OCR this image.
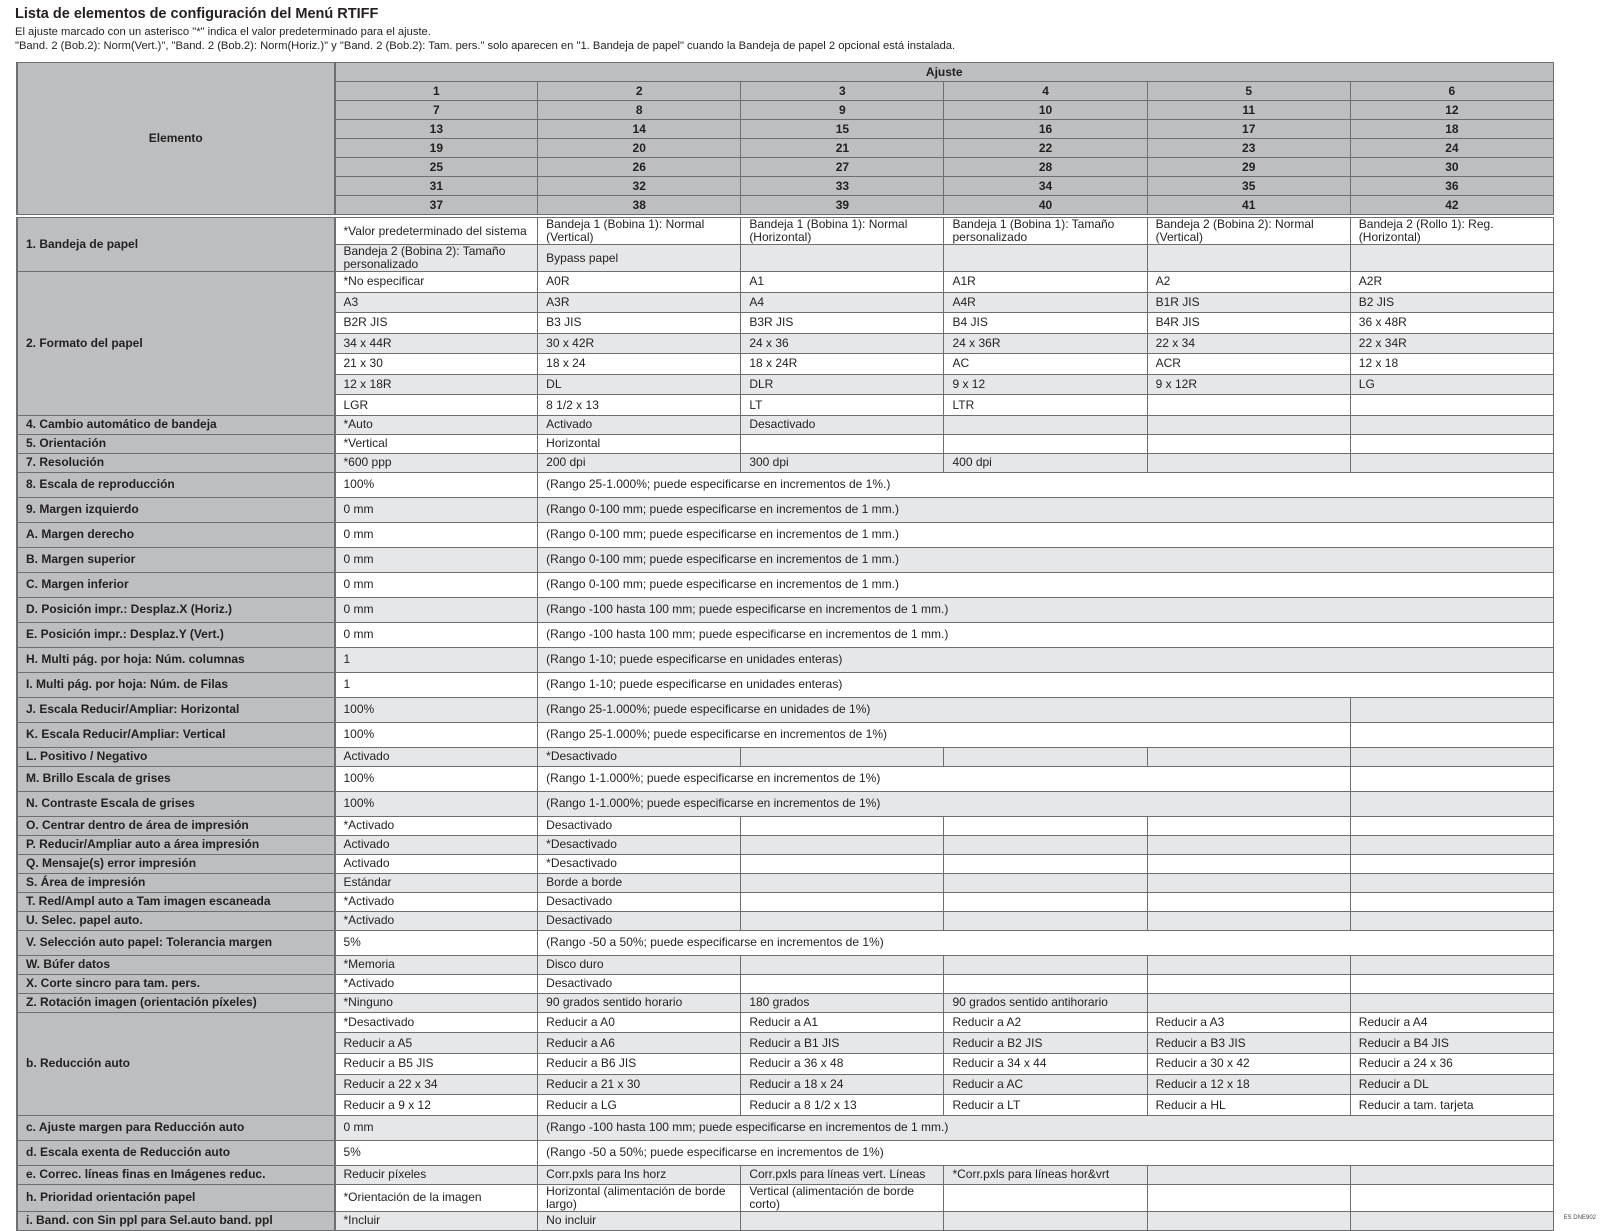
Lista de elementos de configuración del Menú RTIFF
El ajuste marcado con un asterisco "*" indica el valor predeterminado para el ajuste.
"Band. 2 (Bob.2): Norm(Vert.)", "Band. 2 (Bob.2): Norm(Horiz.)" y "Band. 2 (Bob.2): Tam. pers." solo aparecen en "1. Bandeja de papel" cuando la Bandeja de papel 2 opcional está instalada.
Elemento	Ajuste					
	1	2	3	4	5	6
	7	8	9	10	11	12
	13	14	15	16	17	18
	19	20	21	22	23	24
	25	26	27	28	29	30
	31	32	33	34	35	36
	37	38	39	40	41	42

1. Bandeja de papel	*Valor predeterminado del sistema	Bandeja 1 (Bobina 1): Normal (Vertical)	Bandeja 1 (Bobina 1): Normal (Horizontal)	Bandeja 1 (Bobina 1): Tamaño personalizado	Bandeja 2 (Bobina 2): Normal (Vertical)	Bandeja 2 (Rollo 1): Reg. (Horizontal)
	Bandeja 2 (Bobina 2): Tamaño personalizado	Bypass papel				
2. Formato del papel	*No especificar	A0R	A1	A1R	A2	A2R
	A3	A3R	A4	A4R	B1R JIS	B2 JIS
	B2R JIS	B3 JIS	B3R JIS	B4 JIS	B4R JIS	36 x 48R
	34 x 44R	30 x 42R	24 x 36	24 x 36R	22 x 34	22 x 34R
	21 x 30	18 x 24	18 x 24R	AC	ACR	12 x 18
	12 x 18R	DL	DLR	9 x 12	9 x 12R	LG
	LGR	8 1/2 x 13	LT	LTR		
4. Cambio automático de bandeja	*Auto	Activado	Desactivado			
5. Orientación	*Vertical	Horizontal				
7. Resolución	*600 ppp	200 dpi	300 dpi	400 dpi		
8. Escala de reproducción	100%	(Rango 25-1.000%; puede especificarse en incrementos de 1%.)				
9. Margen izquierdo	0 mm	(Rango 0-100 mm; puede especificarse en incrementos de 1 mm.)				
A. Margen derecho	0 mm	(Rango 0-100 mm; puede especificarse en incrementos de 1 mm.)				
B. Margen superior	0 mm	(Rango 0-100 mm; puede especificarse en incrementos de 1 mm.)				
C. Margen inferior	0 mm	(Rango 0-100 mm; puede especificarse en incrementos de 1 mm.)				
D. Posición impr.: Desplaz.X (Horiz.)	0 mm	(Rango -100 hasta 100 mm; puede especificarse en incrementos de 1 mm.)				
E. Posición impr.: Desplaz.Y (Vert.)	0 mm	(Rango -100 hasta 100 mm; puede especificarse en incrementos de 1 mm.)				
H. Multi pág. por hoja: Núm. columnas	1	(Rango 1-10; puede especificarse en unidades enteras)				
I. Multi pág. por hoja: Núm. de Filas	1	(Rango 1-10; puede especificarse en unidades enteras)				
J. Escala Reducir/Ampliar: Horizontal	100%	(Rango 25-1.000%; puede especificarse en unidades de 1%)				
K. Escala Reducir/Ampliar: Vertical	100%	(Rango 25-1.000%; puede especificarse en incrementos de 1%)				
L. Positivo / Negativo	Activado	*Desactivado				
M. Brillo Escala de grises	100%	(Rango 1-1.000%; puede especificarse en incrementos de 1%)				
N. Contraste Escala de grises	100%	(Rango 1-1.000%; puede especificarse en incrementos de 1%)				
O. Centrar dentro de área de impresión	*Activado	Desactivado				
P. Reducir/Ampliar auto a área impresión	Activado	*Desactivado				
Q. Mensaje(s) error impresión	Activado	*Desactivado				
S. Área de impresión	Estándar	Borde a borde				
T. Red/Ampl auto a Tam imagen escaneada	*Activado	Desactivado				
U. Selec. papel auto.	*Activado	Desactivado				
V. Selección auto papel: Tolerancia margen	5%	(Rango -50 a 50%; puede especificarse en incrementos de 1%)				
W. Búfer datos	*Memoria	Disco duro				
X. Corte sincro para tam. pers.	*Activado	Desactivado				
Z. Rotación imagen (orientación píxeles)	*Ninguno	90 grados sentido horario	180 grados	90 grados sentido antihorario		
b. Reducción auto	*Desactivado	Reducir a A0	Reducir a A1	Reducir a A2	Reducir a A3	Reducir a A4
	Reducir a A5	Reducir a A6	Reducir a B1 JIS	Reducir a B2 JIS	Reducir a B3 JIS	Reducir a B4 JIS
	Reducir a B5 JIS	Reducir a B6 JIS	Reducir a 36 x 48	Reducir a 34 x 44	Reducir a 30 x 42	Reducir a 24 x 36
	Reducir a 22 x 34	Reducir a 21 x 30	Reducir a 18 x 24	Reducir a AC	Reducir a 12 x 18	Reducir a DL
	Reducir a 9 x 12	Reducir a LG	Reducir a 8 1/2 x 13	Reducir a LT	Reducir a HL	Reducir a tam. tarjeta
c. Ajuste margen para Reducción auto	0 mm	(Rango -100 hasta 100 mm; puede especificarse en incrementos de 1 mm.)				
d. Escala exenta de Reducción auto	5%	(Rango -50 a 50%; puede especificarse en incrementos de 1%)				
e. Correc. líneas finas en Imágenes reduc.	Reducir píxeles	Corr.pxls para lns horz	Corr.pxls para líneas vert. Líneas	*Corr.pxls para líneas hor&vrt		
h. Prioridad orientación papel	*Orientación de la imagen	Horizontal (alimentación de borde largo)	Vertical (alimentación de borde corto)			
i. Band. con Sin ppl para Sel.auto band. ppl	*Incluir	No incluir					ES DNE902
